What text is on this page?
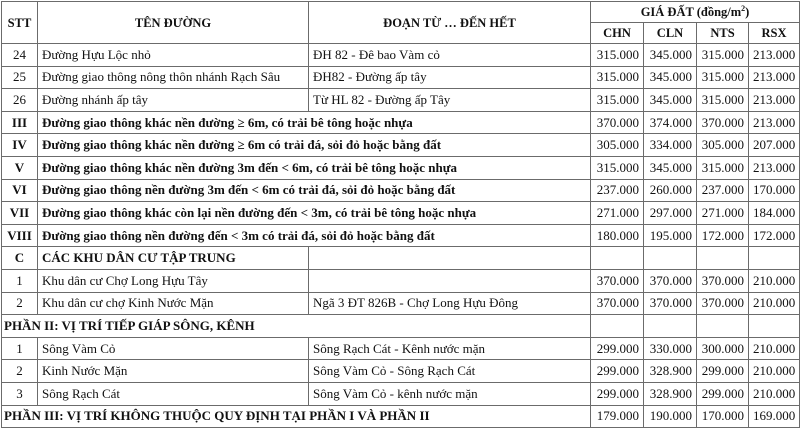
STT	TÊN ĐƯỜNG	ĐOẠN TỪ … ĐẾN HẾT	GIÁ ĐẤT $(đồng/m^2)$			
			CHN	CLN	NTS	RSX
24	Đường Hựu Lộc nhỏ	ĐH 82 - Đê bao Vàm cỏ	315.000	345.000	315.000	213.000
25	Đường giao thông nông thôn nhánh Rạch Sâu	ĐH82 - Đường ấp tây	315.000	345.000	315.000	213.000
26	Đường nhánh ấp tây	Từ HL 82 - Đường ấp Tây	315.000	345.000	315.000	213.000
III	Đường giao thông khác nền đường ≥ 6m, có trải bê tông hoặc nhựa		370.000	374.000	370.000	213.000
IV	Đường giao thông khác nền đường ≥ 6m có trải đá, sỏi đỏ hoặc bằng đất		305.000	334.000	305.000	207.000
V	Đường giao thông khác nền đường 3m đến < 6m, có trải bê tông hoặc nhựa		315.000	345.000	315.000	213.000
VI	Đường giao thông nền đường 3m đến < 6m có trải đá, sỏi đỏ hoặc bằng đất		237.000	260.000	237.000	170.000
VII	Đường giao thông khác còn lại nền đường đến < 3m, có trải bê tông hoặc nhựa		271.000	297.000	271.000	184.000
VIII	Đường giao thông nền đường đến < 3m có trải đá, sỏi đỏ hoặc bằng đất		180.000	195.000	172.000	172.000
C	CÁC KHU DÂN CƯ TẬP TRUNG					
1	Khu dân cư Chợ Long Hựu Tây		370.000	370.000	370.000	210.000
2	Khu dân cư chợ Kinh Nước Mặn	Ngã 3 ĐT 826B - Chợ Long Hựu Đông	370.000	370.000	370.000	210.000
PHẦN II: VỊ TRÍ TIẾP GIÁP SÔNG, KÊNH						
1	Sông Vàm Cỏ	Sông Rạch Cát - Kênh nước mặn	299.000	330.000	300.000	210.000
2	Kinh Nước Mặn	Sông Vàm Cỏ - Sông Rạch Cát	299.000	328.900	299.000	210.000
3	Sông Rạch Cát	Sông Vàm Cỏ - kênh nước mặn	299.000	328.900	299.000	210.000
PHẦN III: VỊ TRÍ KHÔNG THUỘC QUY ĐỊNH TẠI PHẦN I VÀ PHẦN II			179.000	190.000	170.000	169.000
